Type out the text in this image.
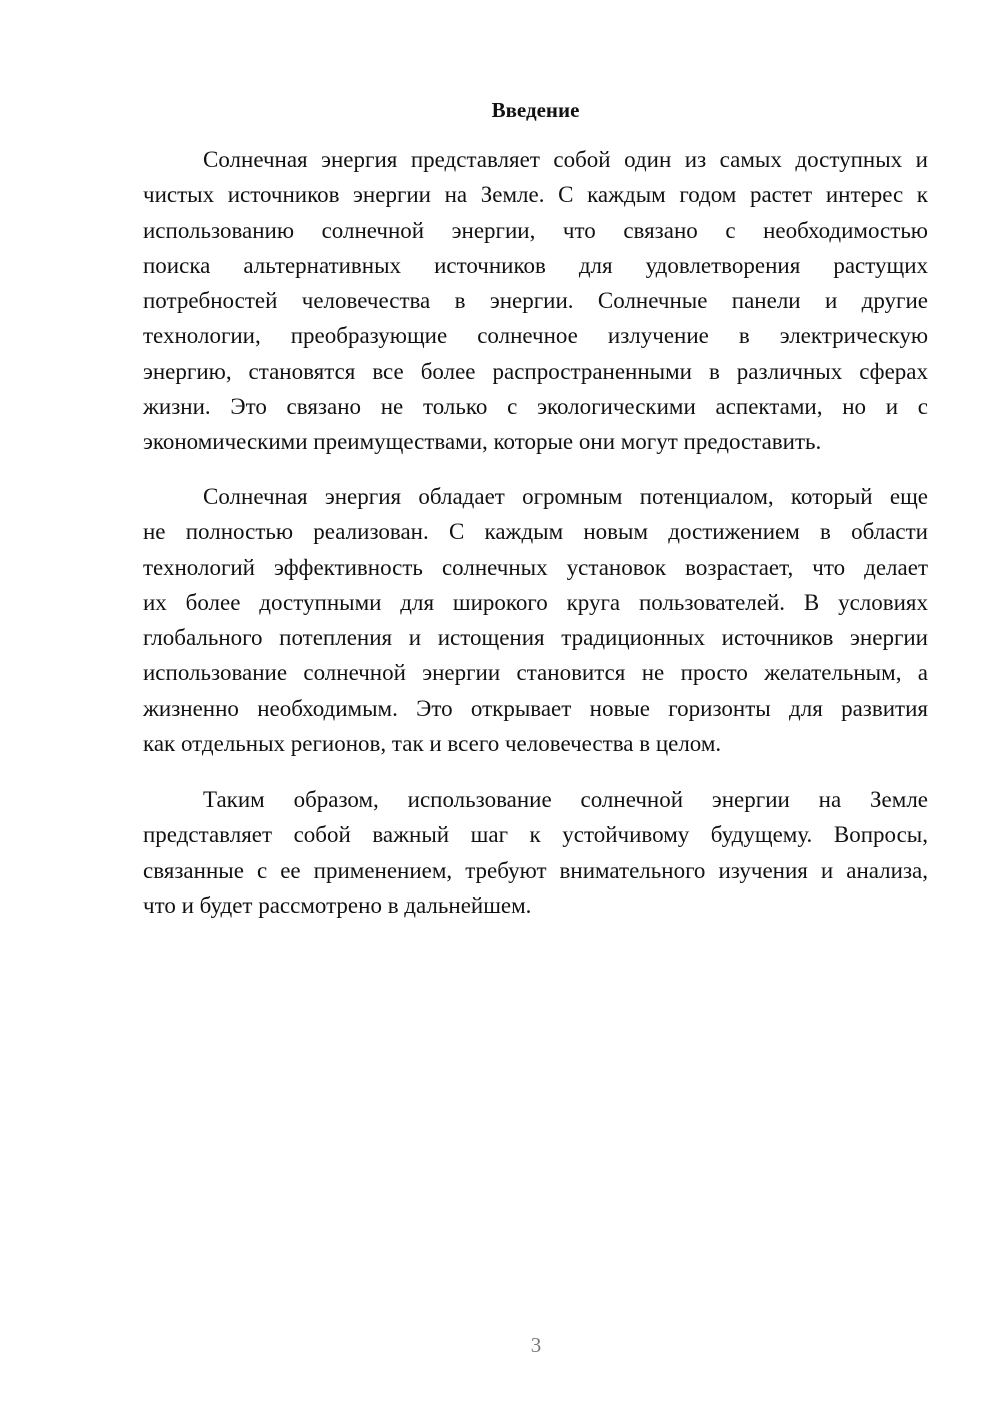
Введение
Солнечная энергия представляет собой один из самых доступных и
чистых источников энергии на Земле. С каждым годом растет интерес к
использованию солнечной энергии, что связано с необходимостью
поиска альтернативных источников для удовлетворения растущих
потребностей человечества в энергии. Солнечные панели и другие
технологии, преобразующие солнечное излучение в электрическую
энергию, становятся все более распространенными в различных сферах
жизни. Это связано не только с экологическими аспектами, но и с
экономическими преимуществами, которые они могут предоставить.
Солнечная энергия обладает огромным потенциалом, который еще
не полностью реализован. С каждым новым достижением в области
технологий эффективность солнечных установок возрастает, что делает
их более доступными для широкого круга пользователей. В условиях
глобального потепления и истощения традиционных источников энергии
использование солнечной энергии становится не просто желательным, а
жизненно необходимым. Это открывает новые горизонты для развития
как отдельных регионов, так и всего человечества в целом.
Таким образом, использование солнечной энергии на Земле
представляет собой важный шаг к устойчивому будущему. Вопросы,
связанные с ее применением, требуют внимательного изучения и анализа,
что и будет рассмотрено в дальнейшем.
3
